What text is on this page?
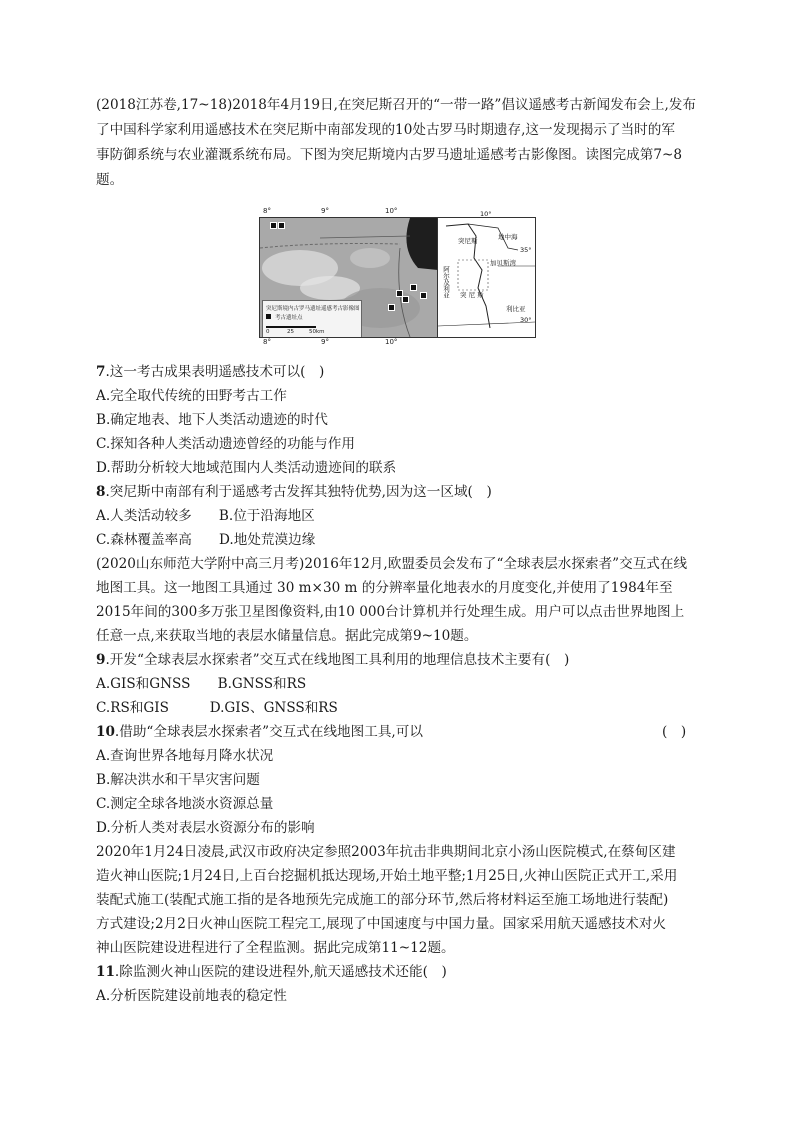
(2018江苏卷,17~18)2018年4月19日,在突尼斯召开的“一带一路”倡议遥感考古新闻发布会上,发布
了中国科学家利用遥感技术在突尼斯中南部发现的10处古罗马时期遗存,这一发现揭示了当时的军
事防御系统与农业灌溉系统布局。下图为突尼斯境内古罗马遗址遥感考古影像图。读图完成第7~8
题。
8°	9°	10°
突尼斯境内古罗马遗址遥感考古影像图
考古遗址点
0	25	50km
10°
地中海
35°
突尼斯
加贝斯湾
阿尔及利亚 突 尼 斯
利比亚
30°
8°	9°	10°
7.这一考古成果表明遥感技术可以(　)
A.完全取代传统的田野考古工作
B.确定地表、地下人类活动遗迹的时代
C.探知各种人类活动遗迹曾经的功能与作用
D.帮助分析较大地域范围内人类活动遗迹间的联系
8.突尼斯中南部有利于遥感考古发挥其独特优势,因为这一区域(　)
A.人类活动较多　　B.位于沿海地区
C.森林覆盖率高　　D.地处荒漠边缘
(2020山东师范大学附中高三月考)2016年12月,欧盟委员会发布了“全球表层水探索者”交互式在线
地图工具。这一地图工具通过 30 m×30 m 的分辨率量化地表水的月度变化,并使用了1984年至
2015年间的300多万张卫星图像资料,由10 000台计算机并行处理生成。用户可以点击世界地图上
任意一点,来获取当地的表层水储量信息。据此完成第9~10题。
9.开发“全球表层水探索者”交互式在线地图工具利用的地理信息技术主要有(　)
A.GIS和GNSS　　B.GNSS和RS
C.RS和GIS　　　D.GIS、GNSS和RS
10.借助“全球表层水探索者”交互式在线地图工具,可以	(　)
A.查询世界各地每月降水状况
B.解决洪水和干旱灾害问题
C.测定全球各地淡水资源总量
D.分析人类对表层水资源分布的影响
2020年1月24日凌晨,武汉市政府决定参照2003年抗击非典期间北京小汤山医院模式,在蔡甸区建
造火神山医院;1月24日,上百台挖掘机抵达现场,开始土地平整;1月25日,火神山医院正式开工,采用
装配式施工(装配式施工指的是各地预先完成施工的部分环节,然后将材料运至施工场地进行装配)
方式建设;2月2日火神山医院工程完工,展现了中国速度与中国力量。国家采用航天遥感技术对火
神山医院建设进程进行了全程监测。据此完成第11~12题。
11.除监测火神山医院的建设进程外,航天遥感技术还能(　)
A.分析医院建设前地表的稳定性
